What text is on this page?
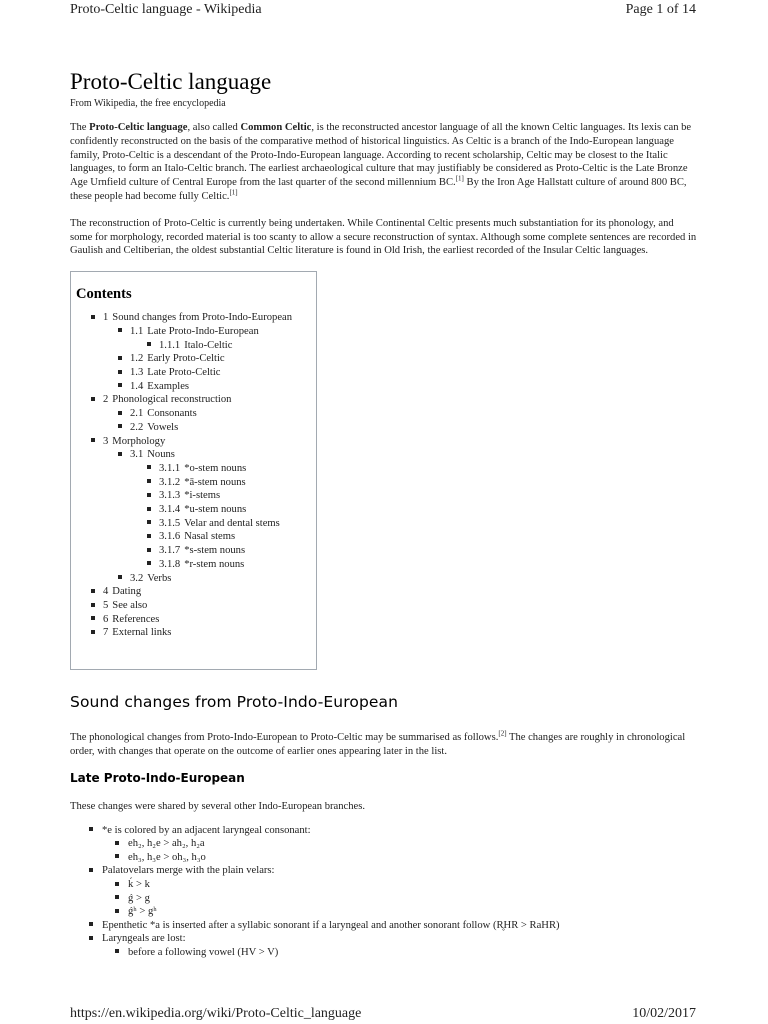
Proto-Celtic language - Wikipedia	Page 1 of 14
Proto-Celtic language
From Wikipedia, the free encyclopedia

The Proto-Celtic language, also called Common Celtic, is the reconstructed ancestor language of all the known Celtic languages. Its lexis can be confidently reconstructed on the basis of the comparative method of historical linguistics. As Celtic is a branch of the Indo-European language family, Proto-Celtic is a descendant of the Proto-Indo-European language. According to recent scholarship, Celtic may be closest to the Italic languages, to form an Italo-Celtic branch. The earliest archaeological culture that may justifiably be considered as Proto-Celtic is the Late Bronze Age Urnfield culture of Central Europe from the last quarter of the second millennium BC.[1] By the Iron Age Hallstatt culture of around 800 BC, these people had become fully Celtic.[1]

The reconstruction of Proto-Celtic is currently being undertaken. While Continental Celtic presents much substantiation for its phonology, and some for morphology, recorded material is too scanty to allow a secure reconstruction of syntax. Although some complete sentences are recorded in Gaulish and Celtiberian, the oldest substantial Celtic literature is found in Old Irish, the earliest recorded of the Insular Celtic languages.

Contents
1 Sound changes from Proto-Indo-European
1.1 Late Proto-Indo-European
1.1.1 Italo-Celtic
1.2 Early Proto-Celtic
1.3 Late Proto-Celtic
1.4 Examples
2 Phonological reconstruction
2.1 Consonants
2.2 Vowels
3 Morphology
3.1 Nouns
3.1.1 *o-stem nouns
3.1.2 *ā-stem nouns
3.1.3 *i-stems
3.1.4 *u-stem nouns
3.1.5 Velar and dental stems
3.1.6 Nasal stems
3.1.7 *s-stem nouns
3.1.8 *r-stem nouns
3.2 Verbs
4 Dating
5 See also
6 References
7 External links
Sound changes from Proto-Indo-European

The phonological changes from Proto-Indo-European to Proto-Celtic may be summarised as follows.[2] The changes are roughly in chronological order, with changes that operate on the outcome of earlier ones appearing later in the list.

Late Proto-Indo-European

These changes were shared by several other Indo-European branches.

*e is colored by an adjacent laryngeal consonant:
eh₂, h₂e > ah₂, h₂a
eh₃, h₃e > oh₃, h₃o
Palatovelars merge with the plain velars:
ḱ > k
ǵ > g
ǵʰ > gʰ
Epenthetic *a is inserted after a syllabic sonorant if a laryngeal and another sonorant follow (R̥HR > RaHR)
Laryngeals are lost:
before a following vowel (HV > V)
https://en.wikipedia.org/wiki/Proto-Celtic_language	10/02/2017
